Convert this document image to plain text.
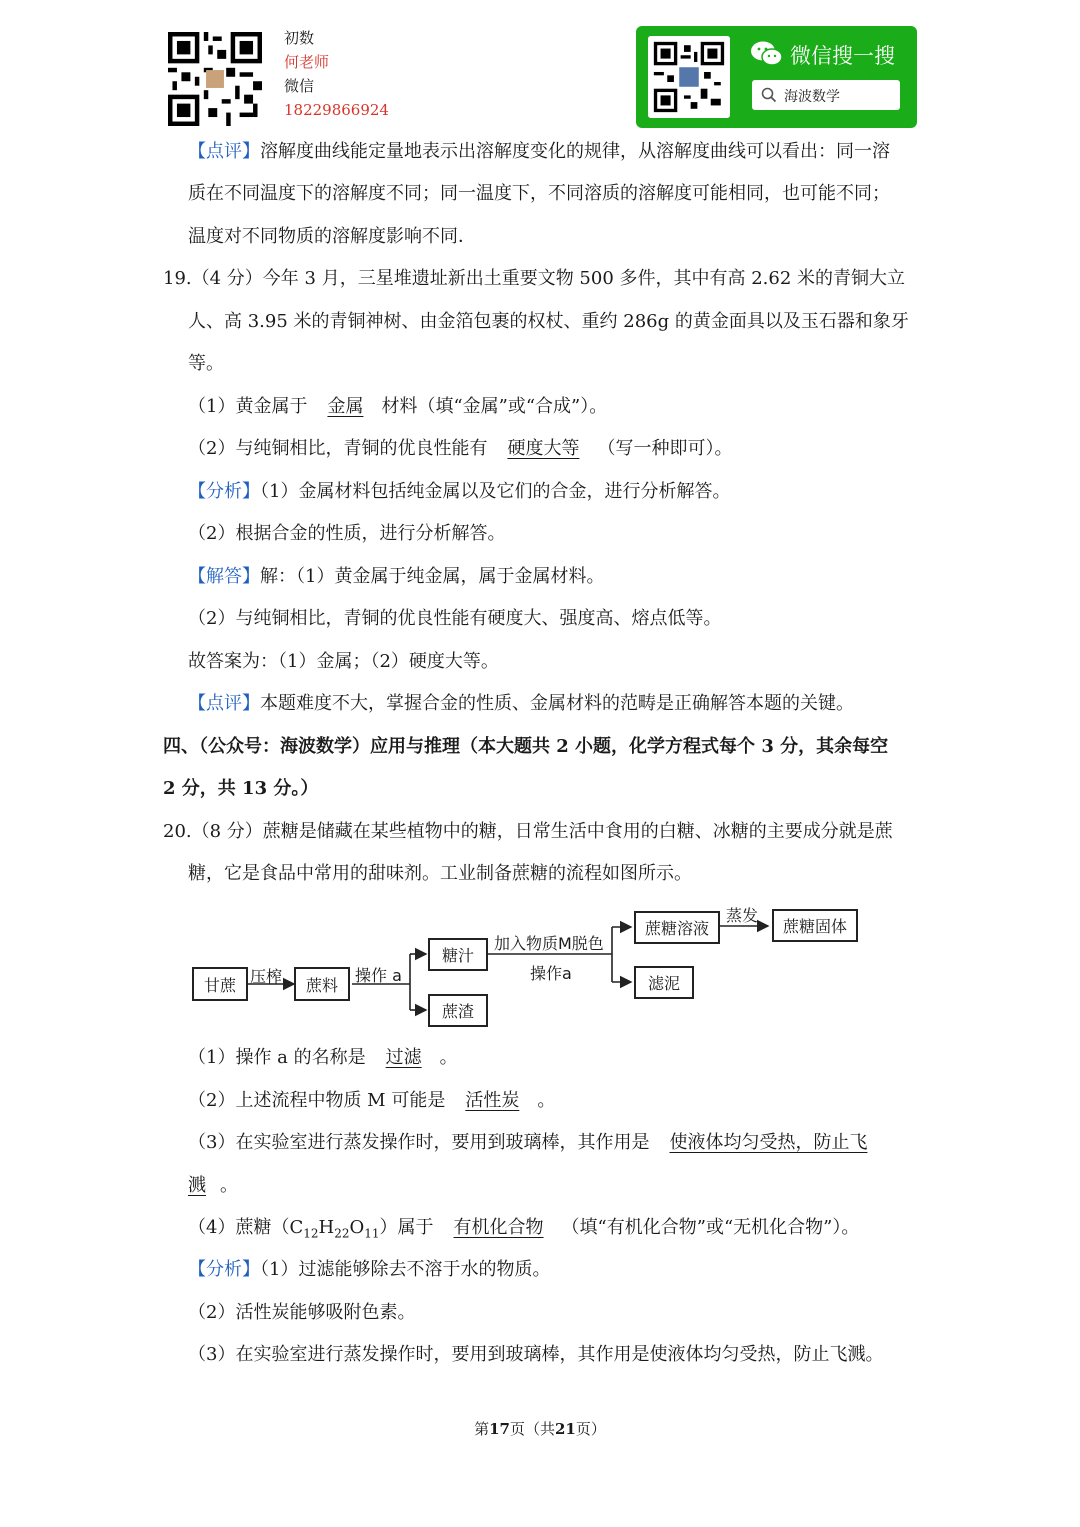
初数
何老师
微信
18229866924
微信搜一搜
海波数学
【点评】溶解度曲线能定量地表示出溶解度变化的规律，从溶解度曲线可以看出：同一溶
质在不同温度下的溶解度不同；同一温度下，不同溶质的溶解度可能相同，也可能不同；
温度对不同物质的溶解度影响不同．
19.（4 分）今年 3 月，三星堆遗址新出土重要文物 500 多件，其中有高 2.62 米的青铜大立
人、高 3.95 米的青铜神树、由金箔包裹的权杖、重约 286g 的黄金面具以及玉石器和象牙
等。
（1）黄金属于 金属 材料（填“金属”或“合成”）。
（2）与纯铜相比，青铜的优良性能有 硬度大等 （写一种即可）。
【分析】（1）金属材料包括纯金属以及它们的合金，进行分析解答。
（2）根据合金的性质，进行分析解答。
【解答】解：（1）黄金属于纯金属，属于金属材料。
（2）与纯铜相比，青铜的优良性能有硬度大、强度高、熔点低等。
故答案为：（1）金属；（2）硬度大等。
【点评】本题难度不大，掌握合金的性质、金属材料的范畴是正确解答本题的关键。
四、（公众号：海波数学）应用与推理（本大题共 2 小题，化学方程式每个 3 分，其余每空
2 分，共 13 分。）
20.（8 分）蔗糖是储藏在某些植物中的糖，日常生活中食用的白糖、冰糖的主要成分就是蔗
糖，它是食品中常用的甜味剂。工业制备蔗糖的流程如图所示。
甘蔗 压榨	蔗料	操作 a
糖汁
蔗渣
加入物质M脱色
操作a
蔗糖溶液
滤泥
蒸发
蔗糖固体
（1）操作 a 的名称是 过滤 。
（2）上述流程中物质 M 可能是 活性炭 。
（3）在实验室进行蒸发操作时，要用到玻璃棒，其作用是 使液体均匀受热，防止飞
溅 。
（4）蔗糖$(C_{12}H_{22}O_{11})$属于 有机化合物 （填“有机化合物”或“无机化合物”）。
【分析】（1）过滤能够除去不溶于水的物质。
（2）活性炭能够吸附色素。
（3）在实验室进行蒸发操作时，要用到玻璃棒，其作用是使液体均匀受热，防止飞溅。
第17页（共21页）
